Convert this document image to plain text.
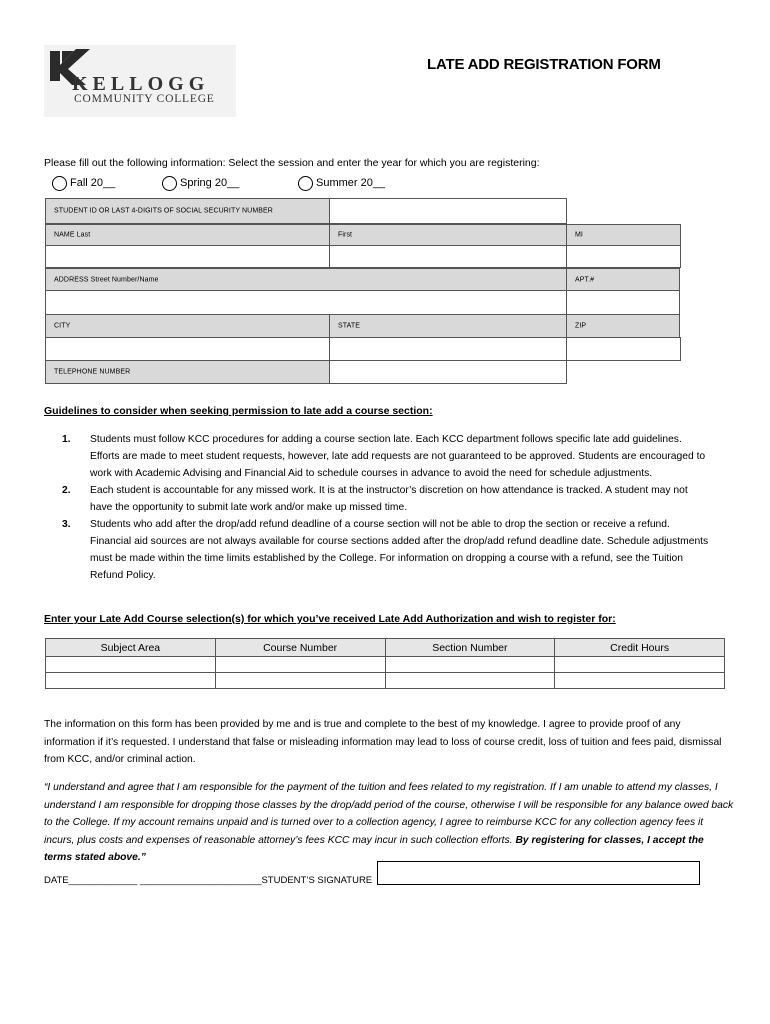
KELLOGG
COMMUNITY COLLEGE
LATE ADD REGISTRATION FORM
Please fill out the following information: Select the session and enter the year for which you are registering:
Fall 20__	Spring 20__	Summer 20__
STUDENT ID OR LAST 4-DIGITS OF SOCIAL SECURITY NUMBER
NAME Last	First	MI
ADDRESS Street Number/Name	APT.#
CITY	STATE	ZIP
TELEPHONE NUMBER
Guidelines to consider when seeking permission to late add a course section:
1.	Students must follow KCC procedures for adding a course section late. Each KCC department follows specific late add guidelines. Efforts are made to meet student requests, however, late add requests are not guaranteed to be approved. Students are encouraged to work with Academic Advising and Financial Aid to schedule courses in advance to avoid the need for schedule adjustments.
2.	Each student is accountable for any missed work. It is at the instructor’s discretion on how attendance is tracked. A student may not have the opportunity to submit late work and/or make up missed time.
3.	Students who add after the drop/add refund deadline of a course section will not be able to drop the section or receive a refund. Financial aid sources are not always available for course sections added after the drop/add refund deadline date. Schedule adjustments must be made within the time limits established by the College. For information on dropping a course with a refund, see the Tuition Refund Policy.
Enter your Late Add Course selection(s) for which you’ve received Late Add Authorization and wish to register for:
Subject Area	Course Number	Section Number	Credit Hours

The information on this form has been provided by me and is true and complete to the best of my knowledge. I agree to provide proof of any information if it’s requested. I understand that false or misleading information may lead to loss of course credit, loss of tuition and fees paid, dismissal from KCC, and/or criminal action.
“I understand and agree that I am responsible for the payment of the tuition and fees related to my registration. If I am unable to attend my classes, I understand I am responsible for dropping those classes by the drop/add period of the course, otherwise I will be responsible for any balance owed back to the College. If my account remains unpaid and is turned over to a collection agency, I agree to reimburse KCC for any collection agency fees it incurs, plus costs and expenses of reasonable attorney’s fees KCC may incur in such collection efforts. By registering for classes, I accept the terms stated above.”
DATE_____________ _______________________STUDENT’S SIGNATURE
